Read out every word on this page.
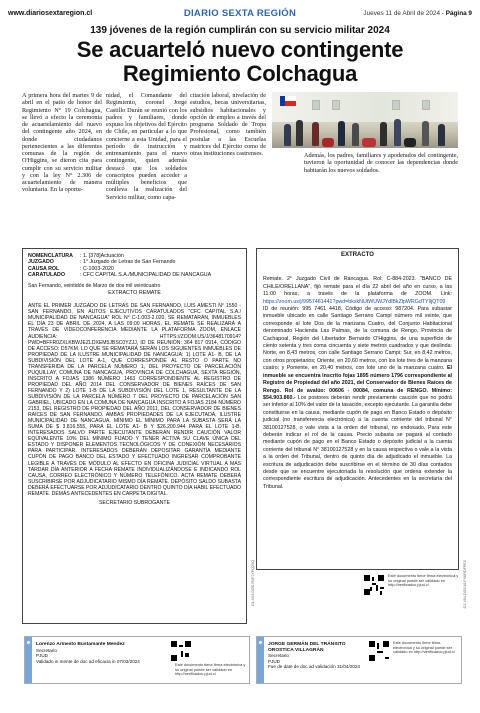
www.diariosextaregion.cl	DIARIO SEXTA REGIÓN	Jueves 11 de Abril de 2024 - Página 9
139 jóvenes de la región cumplirán con su servicio militar 2024
Se acuartelό nuevo contingente Regimiento Colchagua
A primera hora del martes 9 de abril en el patio de honor del Regimiento N° 19 Colchagua, se llevó a efecto la ceremonia de acuartelamiento del nuevo del contingente año 2024, en donde ciudadanos pertenecientes a las diferentes comunas de la región de O'Higgins, se dieron cita para cumplir con su servicio militar y con la ley N° 2.306 de acuartelamiento de manera voluntaria. En la oportu-
nidad, el Comandante del Regimiento, coronel Jorge Castillo Durán se reunió con los padres y familiares, donde expuso los objetivos del Ejército de Chile, en particular a lo que concierne a esta Unidad, para el período de instrucción y entrenamiento para el nuevo contingente, quien además destacó que los soldados conscriptos pueden acceder a múltiples beneficios que conlleva la realización del Servicio militar, como capa-
citación laboral, nivelación de estudios, becas universitarias, subsidios habitacionales y opción de empleo a través del programa Soldado de Tropa Profesional, como también postular a las Escuelas matrices del Ejército como de otras instituciones castrenses.	Además, los padres, familiares y apoderados del contingente, tuvieron la oportunidad de conocer las dependencias donde habitarán los nuevos soldados.
NOMENCLATURA	: 1. [378]Actuación
JUZGADO	: 1° Juzgado de Letras de San Fernando
CAUSA ROL	: C-1003-2020
CARATULADO	: CFC CAPITAL S.A./MUNICIPALIDAD DE NANCAGUA
San Fernando, veintidós de Marzo de dos mil veinticuatro
EXTRACTO REMATE
ANTE EL PRIMER JUZGADO DE LETRAS DE SAN FERNANDO, LUIS AMESTI N° 1550 - SAN FERNANDO, EN AUTOS EJECUTIVOS CARATULADOS "CFC CAPITAL S.A./ MUNICIPALIDAD DE NANCAGUA" ROL N° C-1.003-2.020, SE REMATARÁN, INMUEBLES EL DÍA 23 DE ABRIL DE 2024, A LAS 09:00 HORAS, EL REMATE SE REALIZARÁ A TRAVÉS DE VIDEOCONFERENCIA MEDIANTE LA PLATAFORMA ZOOM, ENLACE AUDIENCIA: HTTPS://ZOOM.US/J/3648170914? PWD=BFFR0ZXLKBWJEZLDXEM5JBSC0YZJJ, ID DE REUNIÓN: 364 817 0914, CÓDIGO DE ACCESO: D57KM. LO QUE SE REMATARÁ SERÁN LOS SIGUIENTES INMUEBLES DE PROPIEDAD DE LA ILUSTRE MUNICIPALIDAD DE NANCAGUA: 1) LOTE A1- B, DE LA SUBDIVISIÓN DEL LOTE A-1, QUE CORRESPONDE AL RESTO O PARTE NO TRANSFERIDA DE LA PARCELA NÚMERO 1, DEL PROYECTO DE PARCELACIÓN PUQUILLAY, COMUNA DE NANCAGUA, PROVINCIA DE COLCHAGUA, SEXTA REGIÓN, INSCRITO A FOJAS 1386 NÚMERO 1463 CORRESPONDIENTE AL REGISTRO DE PROPIEDAD DEL AÑO 2014 DEL CONSERVADOR DE BIENES RAÍCES DE SAN FERNANDO Y 2) LOTE 1-B DE LA SUBDIVISIÓN DEL LOTE 1, RESULTANTE DE LA SUBDIVISIÓN DE LA PARCELA NÚMERO 7 DEL PROYECTO DE PARCELACIÓN SAN GABRIEL, UBICADO EN LA COMUNA DE NANCAGUA INSCRITO A FOJAS 2184 NÚMERO 2153, DEL REGISTRO DE PROPIEDAD DEL AÑO 2011, DEL CONSERVADOR DE BIENES RAÍCES DE SAN FERNANDO. AMBAS PROPIEDADES DE LA EJECUTADA, ILUSTRE MUNICIPALIDAD DE NANCAGUA. MÍNIMO EL MÍNIMO PARA LA SUBASTA SERÁ LA SUMA DE $ 3.816.555, PARA EL LOTE A1- B Y $26.200.944 PARA EL LOTE 1-B. INTERESADOS SALVO PARTE EJECUTANTE DEBERÁN RENDIR CAUCIÓN VALOR EQUIVALENTE 10% DEL MÍNIMO FIJADO Y TENER ACTIVA SU CLAVE ÚNICA DEL ESTADO Y DISPONER ELEMENTOS TECNOLÓGICOS Y DE CONEXIÓN NECESARIOS PARA PARTICIPAR. INTERESADOS DEBERÁN DEPOSITAR GARANTÍA MEDIANTE CUPÓN DE PAGO BANCO DEL ESTADO Y EFECTUADO INGRESAR COMPROBANTE LEGIBLE A TRAVÉS DE MÓDULO AL EFECTO EN OFICINA JUDICIAL VIRTUAL A MÁS TARDAR DÍA ANTERIOR A FECHA REMATE INDIVIDUALIZÁNDOSE E INDICANDO ROL CAUSA, CORREO ELECTRÓNICO Y NÚMERO TELEFÓNICO. ACTA REMATE DEBERÁ SUSCRIBIRSE POR ADJUDICATARIO MISMO DÍA REMATE. DEPÓSITO SALDO SUBASTA DEBERÁ EFECTUARSE POR ADJUDICATARIO DENTRO QUINTO DÍA HÁBIL EFECTUADO REMATE. DEMÁS ANTECEDENTES EN CARPETA DIGITAL.
SECRETARIO SUBROGANTE
EXTRACTO
Remate. 2° Juzgado Civil de Rancagua. Rol: C-884-2023. "BANCO DE CHILE/ORELLANA", fijó remate para el día 22 abril del año en curso, a las 11:00 horas, a través de la plataforma de ZOOM. Link: https://zoom.us/j/9957461441?pwd=bkxkNUtWUWJYdlBkZlpWRGdTYlljQT09 ID de reunión: 995 7461 4418, Código de acceso: 987204. Para subastar inmueble ubicado en calle Santiago Serrano Campí número mil veinte, que corresponde al lote Dos de la manzana Cuatro, del Conjunto Habitacional denominado Hacienda Las Palmas, de la comuna de Rengo, Provincia de Cachapoal, Región del Libertador Bernardo O'Higgins, de una superficie de ciento setenta y tres coma cincuenta y siete metros cuadrados y que deslinda: Norte, en 8,43 metros, con calle Santiago Serrano Campi; Sur, en 8,42 metros, con otros propietarios; Oriente, en 20,60 metros, con los lote tres de la manzana cuatro; y Poniente, en 20,40 metros, con lote uno de la manzana cuatro. El inmueble se encuentra inscrito fojas 1895 número 1796 correspondiente al Registro de Propiedad del año 2021, del Conservador de Bienes Raíces de Rengo. Rol de avalúo: 00606 - 00084, comuna de RENGO. Mínimo: $54.903.860.- Los postores deberán rendir previamente caución que no podrá ser inferior al 10% del valor de la tasación, excepto ejecutante. La garantía debe constituirse en la causa, mediante cupón de pago en Banco Estado o depósito judicial (no transferencia electrónica) a la cuenta corriente del tribunal N° 38100127528, o vale vista a la orden del tribunal, no endosado. Para este deberán indicar el rol de la causa. Precio subasta se pagará al contado mediante cupón de pago en el Banco Estado o depósito judicial a la cuenta corriente del tribunal N° 38100127528 y en la causa respectiva o vale a la vista a la orden del Tribunal, dentro de quinto día de adjudicado el inmueble. La escritura de adjudicación debe suscribirse en el término de 30 días contados desde que se encuentre ejecutoriada la resolución que ordena extender la correspondiente escritura de adjudicación. Antecedentes en la secretaría del Tribunal.
Este documento tiene firma electrónica y su original puede ser validado en http://verificadoc.pjud.cl
Lorenzo Armesto Bustamante Mendez
Secretario
PJUD
Validado in mente de doc ad eficacia in 07/03/2024
Este documento tiene firma electrónica y su original puede ser validado en http://verificadoc.pjud.cl
JORGE GERMÁN DEL TRÁNSITO OROSTICA VILLAGRÁN
Secretario
PJUD
Fue de date de doc ad validación 31/04/2024
Este documento tiene firma electrónica y su original puede ser validado en http://verificadoc.pjud.cl
D1-V04-DOS-RVFJYPQZ5Q	D1-V04-DOS-KLFXKRDFPEX
